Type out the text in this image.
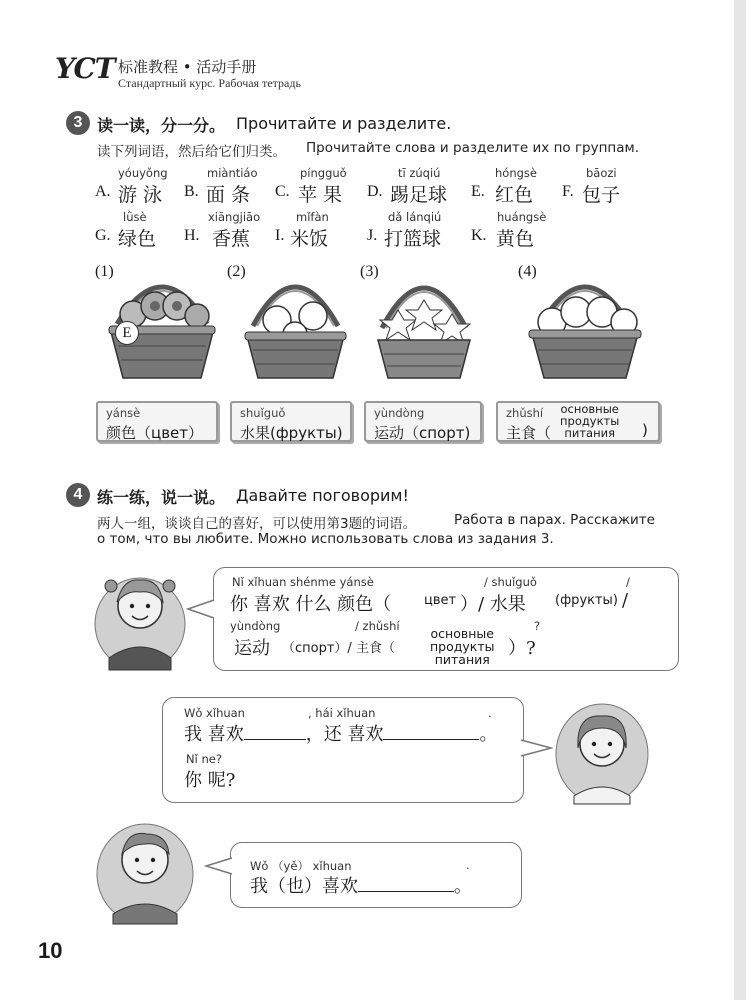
YCT 标准教程 • 活动手册
Стандартный курс. Рабочая тетрадь
3 读一读，分一分。 Прочитайте и разделите.
读下列词语，然后给它们归类。 Прочитайте слова и разделите их по группам.
yóuyǒng
A. 游 泳
miàntiáo
B. 面 条
píngguǒ
C. 苹 果
tī zúqiú
D. 踢足球
hóngsè
E. 红色
bāozi
F. 包子
lǜsè
G. 绿色
xiāngjiāo
H. 香蕉
mǐfàn
I. 米饭
dǎ lánqiú
J. 打篮球
huángsè
K. 黄色
(1)	(2)	(3)	(4)
E
yánsè
颜色（цвет）
shuǐguǒ
水果(фрукты)
yùndòng
运动（спорт)
zhǔshí
主食（
основные
продукты
питания )
4 练一练，说一说。 Давайте поговорим!
两人一组，谈谈自己的喜好，可以使用第3题的词语。	Работа в парах. Расскажите
о том, что вы любите. Можно использовать слова из задания 3.
Nǐ xǐhuan shénme yánsè	/ shuǐguǒ	/
你 喜欢 什么 颜色（	цвет ）/ 水果 (фрукты) /
yùndòng	/ zhǔshí	?
运动 （спорт）/ 主食（
основные
продукты
питания
）?
Wǒ xǐhuan	, hái xǐhuan	.
我 喜欢	，还 喜欢	。
Nǐ ne?
你 呢?
Wǒ （yě） xǐhuan	.
我（也）喜欢	。
10
